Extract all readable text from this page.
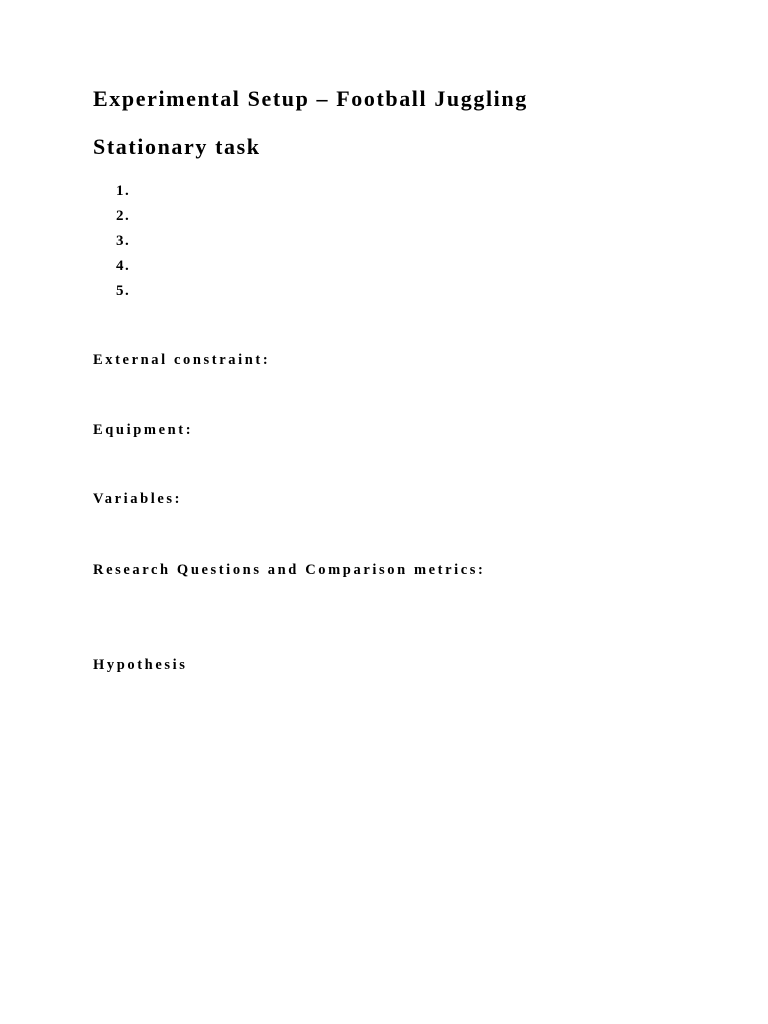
Experimental Setup – Football Juggling
Stationary task
1.
2.
3.
4.
5.
External constraint:
Equipment:
Variables:
Research Questions and Comparison metrics:
Hypothesis
